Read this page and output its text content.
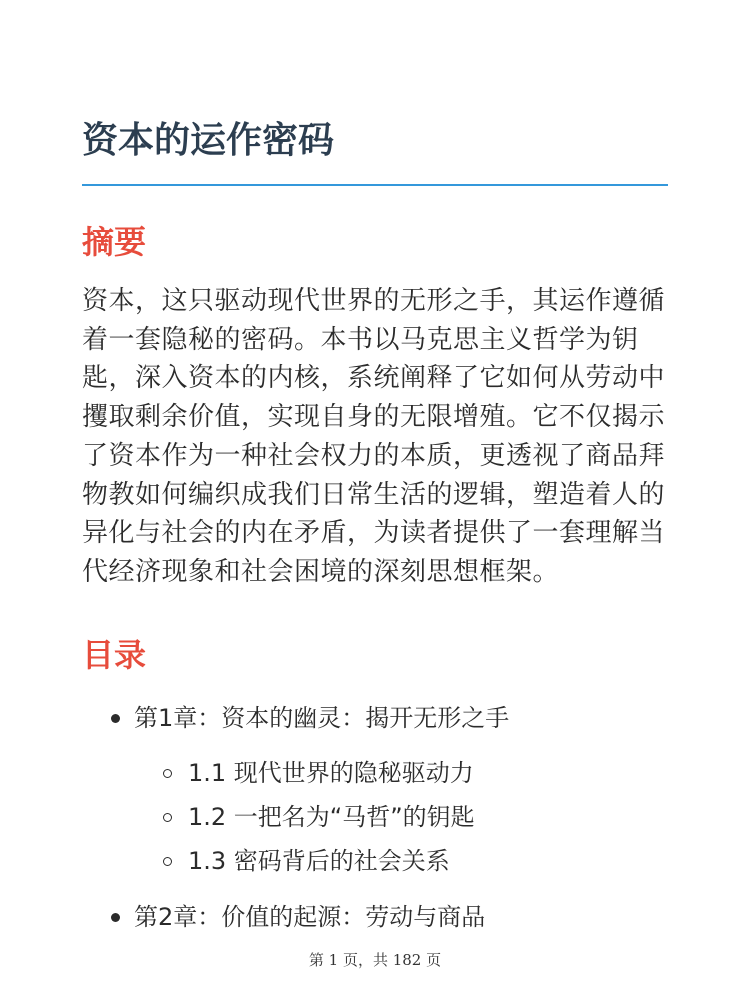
资本的运作密码
摘要

资本，这只驱动现代世界的无形之手，其运作遵循着一套隐秘的密码。本书以马克思主义哲学为钥匙，深入资本的内核，系统阐释了它如何从劳动中攫取剩余价值，实现自身的无限增殖。它不仅揭示了资本作为一种社会权力的本质，更透视了商品拜物教如何编织成我们日常生活的逻辑，塑造着人的异化与社会的内在矛盾，为读者提供了一套理解当代经济现象和社会困境的深刻思想框架。

目录
第1章：资本的幽灵：揭开无形之手
1.1 现代世界的隐秘驱动力
1.2 一把名为“马哲”的钥匙
1.3 密码背后的社会关系
第2章：价值的起源：劳动与商品
第 1 页，共 182 页
